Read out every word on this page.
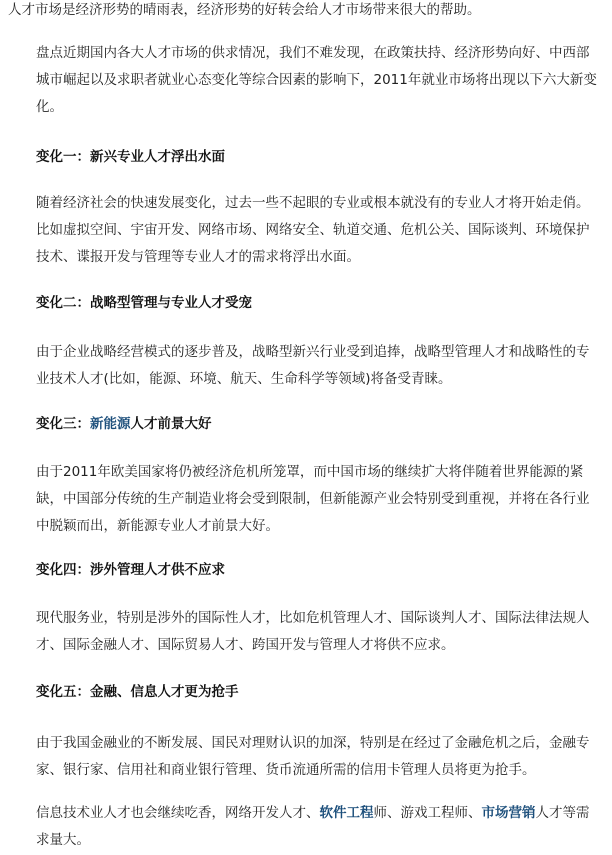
人才市场是经济形势的晴雨表，经济形势的好转会给人才市场带来很大的帮助。

盘点近期国内各大人才市场的供求情况，我们不难发现，在政策扶持、经济形势向好、中西部城市崛起以及求职者就业心态变化等综合因素的影响下，2011年就业市场将出现以下六大新变化。

变化一：新兴专业人才浮出水面

随着经济社会的快速发展变化，过去一些不起眼的专业或根本就没有的专业人才将开始走俏。比如虚拟空间、宇宙开发、网络市场、网络安全、轨道交通、危机公关、国际谈判、环境保护技术、谍报开发与管理等专业人才的需求将浮出水面。

变化二：战略型管理与专业人才受宠

由于企业战略经营模式的逐步普及，战略型新兴行业受到追捧，战略型管理人才和战略性的专业技术人才(比如，能源、环境、航天、生命科学等领域)将备受青睐。

变化三：新能源人才前景大好

由于2011年欧美国家将仍被经济危机所笼罩，而中国市场的继续扩大将伴随着世界能源的紧缺，中国部分传统的生产制造业将会受到限制，但新能源产业会特别受到重视，并将在各行业中脱颖而出，新能源专业人才前景大好。

变化四：涉外管理人才供不应求

现代服务业，特别是涉外的国际性人才，比如危机管理人才、国际谈判人才、国际法律法规人才、国际金融人才、国际贸易人才、跨国开发与管理人才将供不应求。

变化五：金融、信息人才更为抢手

由于我国金融业的不断发展、国民对理财认识的加深，特别是在经过了金融危机之后，金融专家、银行家、信用社和商业银行管理、货币流通所需的信用卡管理人员将更为抢手。

信息技术业人才也会继续吃香，网络开发人才、软件工程师、游戏工程师、市场营销人才等需求量大。
